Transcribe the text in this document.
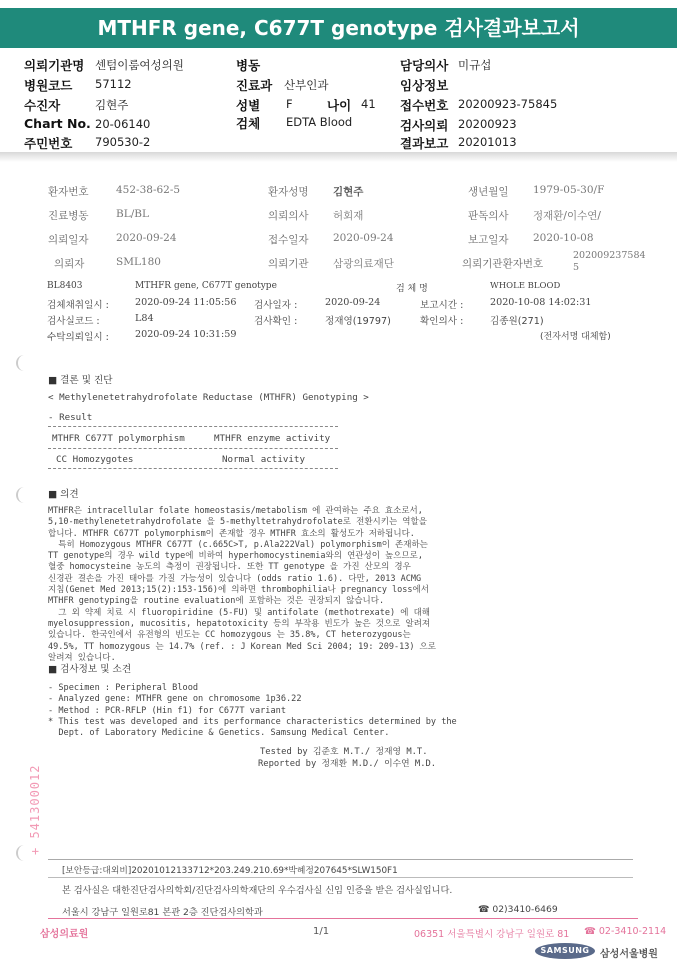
MTHFR gene, C677T genotype 검사결과보고서
의뢰기관명 센텀이룸여성의원
병원코드 57112
수진자	김현주
Chart No. 20-06140
주민번호 790530-2
병동
진료과 산부인과
성별 F	나이 41
검체 EDTA Blood
담당의사 미규섭
임상정보
접수번호 20200923-75845
검사의뢰 20200923
결과보고 20201013
환자번호	452-38-62-5	환자성명 김현주	생년월일 1979-05-30/F
진료병동	BL/BL	의뢰의사 허회재	판독의사 정재환/이수연/
의뢰일자	2020-09-24	접수일자 2020-09-24	보고일자 2020-10-08
의뢰자	SML180	의뢰기관 삼광의료재단	의뢰기관환자번호
202009237584
5
BL8403	MTHFR gene, C677T genotype	검 체 명	WHOLE BLOOD
검체채취일시 :	2020-09-24 11:05:56 검사일자 :	2020-09-24	보고시간 :	2020-10-08 14:02:31
검사실코드 :	L84	검사확인 :	정재영(19797)	확인의사 :	김종원(271)
수탁의뢰일시 :	2020-09-24 10:31:59	(전자서명 대체함)
■ 결론 및 진단
< Methylenetetrahydrofolate Reductase (MTHFR) Genotyping >
- Result
MTHFR C677T polymorphism	MTHFR enzyme activity
CC Homozygotes	Normal activity
■ 의견
MTHFR은 intracellular folate homeostasis/metabolism 에 관여하는 주요 효소로서,
5,10-methylenetetrahydrofolate 을 5-methyltetrahydrofolate로 전환시키는 역할을
합니다. MTHFR C677T polymorphism이 존재할 경우 MTHFR 효소의 활성도가 저하됩니다.
특히 Homozygous MTHFR C677T (c.665C>T, p.Ala222Val) polymorphism이 존재하는
TT genotype의 경우 wild type에 비하여 hyperhomocystinemia와의 연관성이 높으므로,
혈중 homocysteine 농도의 측정이 권장됩니다. 또한 TT genotype 을 가진 산모의 경우
신경관 결손을 가진 태아를 가질 가능성이 있습니다 (odds ratio 1.6). 다만, 2013 ACMG
지침(Genet Med 2013;15(2):153-156)에 의하면 thrombophilia나 pregnancy loss에서
MTHFR genotyping을 routine evaluation에 포함하는 것은 권장되지 않습니다.
그 외 약제 치료 시 fluoropiridine (5-FU) 및 antifolate (methotrexate) 에 대해
myelosuppression, mucositis, hepatotoxicity 등의 부작용 빈도가 높은 것으로 알려져
있습니다. 한국인에서 유전형의 빈도는 CC homozygous 는 35.8%, CT heterozygous는
49.5%, TT homozygous 는 14.7% (ref. : J Korean Med Sci 2004; 19: 209-13) 으로
알려져 있습니다.
■ 검사정보 및 소견
- Specimen : Peripheral Blood
- Analyzed gene: MTHFR gene on chromosome 1p36.22
- Method : PCR-RFLP (Hin f1) for C677T variant
* This test was developed and its performance characteristics determined by the
Dept. of Laboratory Medicine & Genetics. Samsung Medical Center.
Tested by 김준호 M.T./ 정재영 M.T.
Reported by 정재환 M.D./ 이수연 M.D.
+ 541300012
[보안등급:대외비]20201012133712*203.249.210.69*박혜정207645*SLW150F1
본 검사실은 대한진단검사의학회/진단검사의학재단의 우수검사실 신임 인증을 받은 검사실입니다.
서울시 강남구 일원로81 본관 2층 진단검사의학과	☎ 02)3410-6469
삼성의료원	1/1	06351 서울특별시 강남구 일원로 81 ☎ 02-3410-2114
SAMSUNG	삼성서울병원
